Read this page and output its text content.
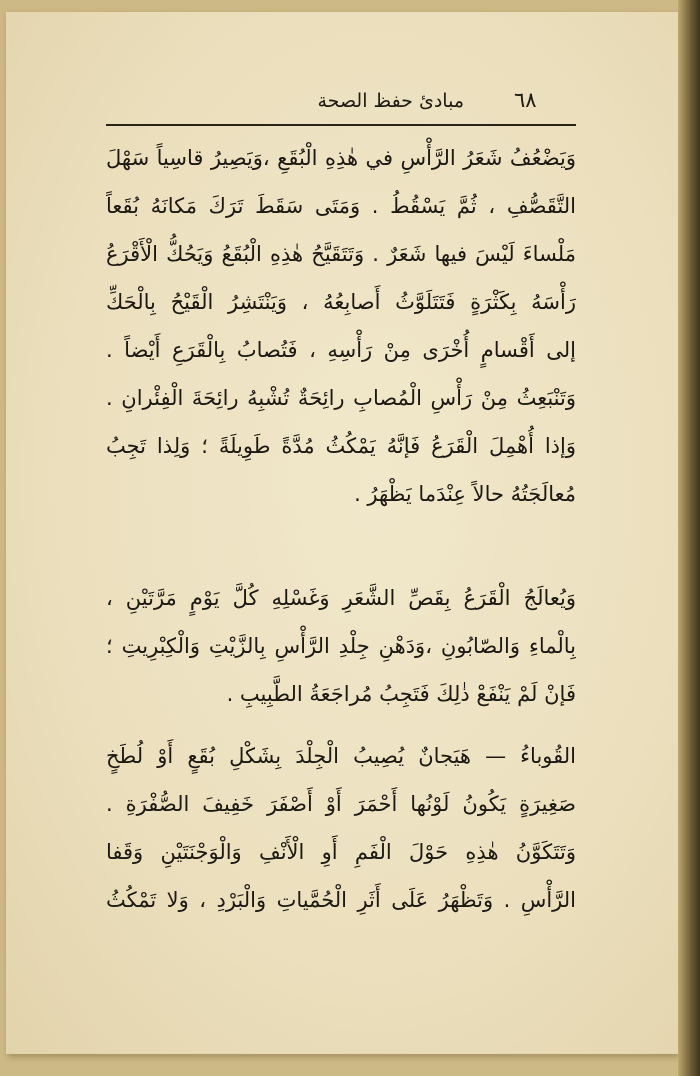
٦٨
مبادئ حفظ الصحة
وَيَضْعُفُ شَعَرُ الرَّأْسِ في هٰذِهِ الْبُقَعِ ،وَيَصِيرُ قاسِياً سَهْلَ
التَّقَصُّفِ ، ثُمَّ يَسْقُطُ . وَمَتَى سَقَطَ تَرَكَ مَكانَهُ بُقَعاً
مَلْساءَ لَيْسَ فيها شَعَرٌ . وَتَتَقَيَّحُ هٰذِهِ الْبُقَعُ وَيَحُكُّ الْأَقْرَعُ
رَأْسَهُ بِكَثْرَةٍ فَتَتَلَوَّثُ أَصابِعُهُ ، وَيَنْتَشِرُ الْقَيْحُ بِالْحَكِّ
إلى أَقْسامٍ أُخْرَى مِنْ رَأْسِهِ ، فَتُصابُ بِالْقَرَعِ أَيْضاً .
وَتَنْبَعِثُ مِنْ رَأْسِ الْمُصابِ رائِحَةٌ تُشْبِهُ رائِحَةَ الْفِئْرانِ .
وَإذا أُهْمِلَ الْقَرَعُ فَإنَّهُ يَمْكُثُ مُدَّةً طَوِيلَةً ؛ وَلِذا تَجِبُ
مُعالَجَتُهُ حالاً عِنْدَما يَظْهَرُ .
وَيُعالَجُ الْقَرَعُ بِقَصِّ الشَّعَرِ وَغَسْلِهِ كُلَّ يَوْمٍ مَرَّتَيْنِ ،
بِالْماءِ وَالصّابُونِ ،وَدَهْنِ جِلْدِ الرَّأْسِ بِالزَّيْتِ وَالْكِبْرِيتِ ؛
فَإنْ لَمْ يَنْفَعْ ذٰلِكَ فَتَجِبُ مُراجَعَةُ الطَّبِيبِ .
القُوباءُ — هَيَجانٌ يُصِيبُ الْجِلْدَ بِشَكْلِ بُقَعٍ أَوْ لُطَخٍ
صَغِيرَةٍ يَكُونُ لَوْنُها أَحْمَرَ أَوْ أَصْفَرَ خَفِيفَ الصُّفْرَةِ .
وَتَتَكَوَّنُ هٰذِهِ حَوْلَ الْفَمِ أَوِ الْأَنْفِ وَالْوَجْنَتَيْنِ وَقَفا
الرَّأْسِ . وَتَظْهَرُ عَلَى أَثَرِ الْحُمَّياتِ وَالْبَرْدِ ، وَلا تَمْكُثُ
